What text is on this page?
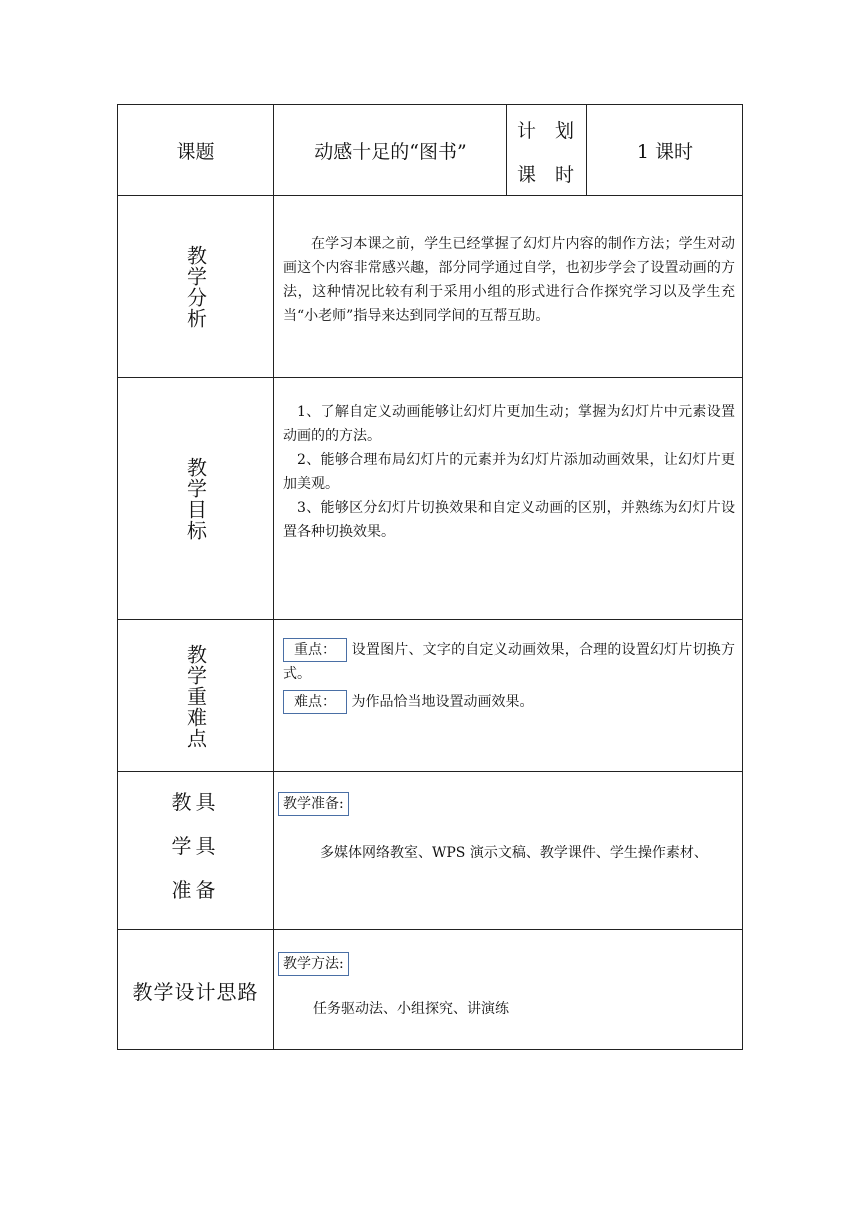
课题	动感十足的“图书”
计　划
课　时
1 课时
教学分析
在学习本课之前，学生已经掌握了幻灯片内容的制作方法；学生对动画这个内容非常感兴趣，部分同学通过自学，也初步学会了设置动画的方法，这种情况比较有利于采用小组的形式进行合作探究学习以及学生充当“小老师”指导来达到同学间的互帮互助。
教学目标
1、了解自定义动画能够让幻灯片更加生动；掌握为幻灯片中元素设置动画的的方法。
2、能够合理布局幻灯片的元素并为幻灯片添加动画效果，让幻灯片更加美观。
3、能够区分幻灯片切换效果和自定义动画的区别，并熟练为幻灯片设置各种切换效果。
教学重难点	重点： 设置图片、文字的自定义动画效果，合理的设置幻灯片切换方式。
难点： 为作品恰当地设置动画效果。
教具
学具
准备
教学准备:
多媒体网络教室、WPS 演示文稿、教学课件、学生操作素材、
教学设计思路
教学方法:
任务驱动法、小组探究、讲演练
